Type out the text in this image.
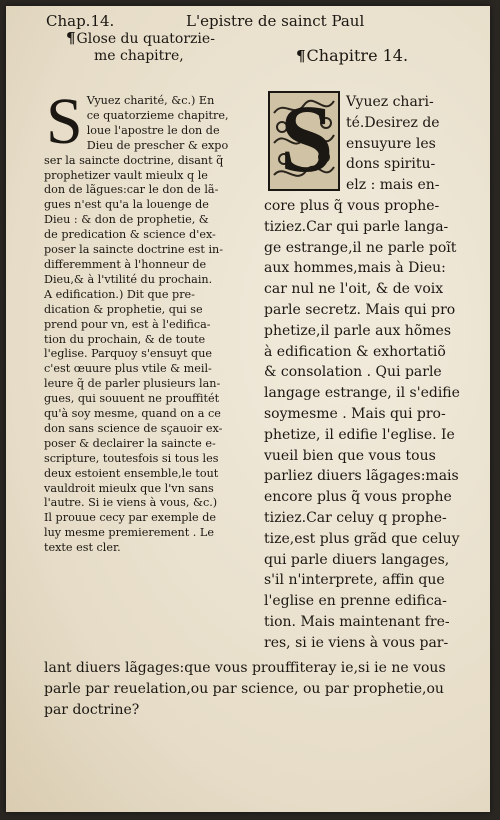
Chap.14.	L'epistre de sainct Paul
¶Glose du quatorzie-
me chapitre,	¶Chapitre 14.
S Vyuez charité, &c.) En
ce quatorzieme chapitre,
loue l'apostre le don de
Dieu de prescher & expo
ser la saincte doctrine, disant q̃
prophetizer vault mieulx q le
don de lãgues:car le don de lã-
gues n'est qu'a la louenge de
Dieu : & don de prophetie, &
de predication & science d'ex-
poser la saincte doctrine est in-
differemment à l'honneur de
Dieu,& à l'vtilité du prochain.
A edification.) Dit que pre-
dication & prophetie, qui se
prend pour vn, est à l'edifica-
tion du prochain, & de toute
l'eglise. Parquoy s'ensuyt que
c'est œuure plus vtile & meil-
leure q̃ de parler plusieurs lan-
gues, qui souuent ne prouffitét
qu'à soy mesme, quand on a ce
don sans science de sçauoir ex-
poser & declairer la saincte e-
scripture, toutesfois si tous les
deux estoient ensemble,le tout
vauldroit mieulx que l'vn sans
l'autre. Si ie viens à vous, &c.)
Il prouue cecy par exemple de
luy mesme premierement . Le
texte est cler.
S Vyuez chari-
té.Desirez de
ensuyure les
dons spiritu-
elz : mais en-
core plus q̃ vous prophe-
tiziez.Car qui parle langa-
ge estrange,il ne parle poĩt
aux hommes,mais à Dieu:
car nul ne l'oit, & de voix
parle secretz. Mais qui pro
phetize,il parle aux hõmes
à edification & exhortatiõ
& consolation . Qui parle
langage estrange, il s'edifie
soymesme . Mais qui pro-
phetize, il edifie l'eglise. Ie
vueil bien que vous tous
parliez diuers lãgages:mais
encore plus q̃ vous prophe
tiziez.Car celuy q prophe-
tize,est plus grãd que celuy
qui parle diuers langages,
s'il n'interprete, affin que
l'eglise en prenne edifica-
tion. Mais maintenant fre-
res, si ie viens à vous par-
lant diuers lãgages:que vous prouffiteray ie,si ie ne vous
parle par reuelation,ou par science, ou par prophetie,ou
par doctrine?
